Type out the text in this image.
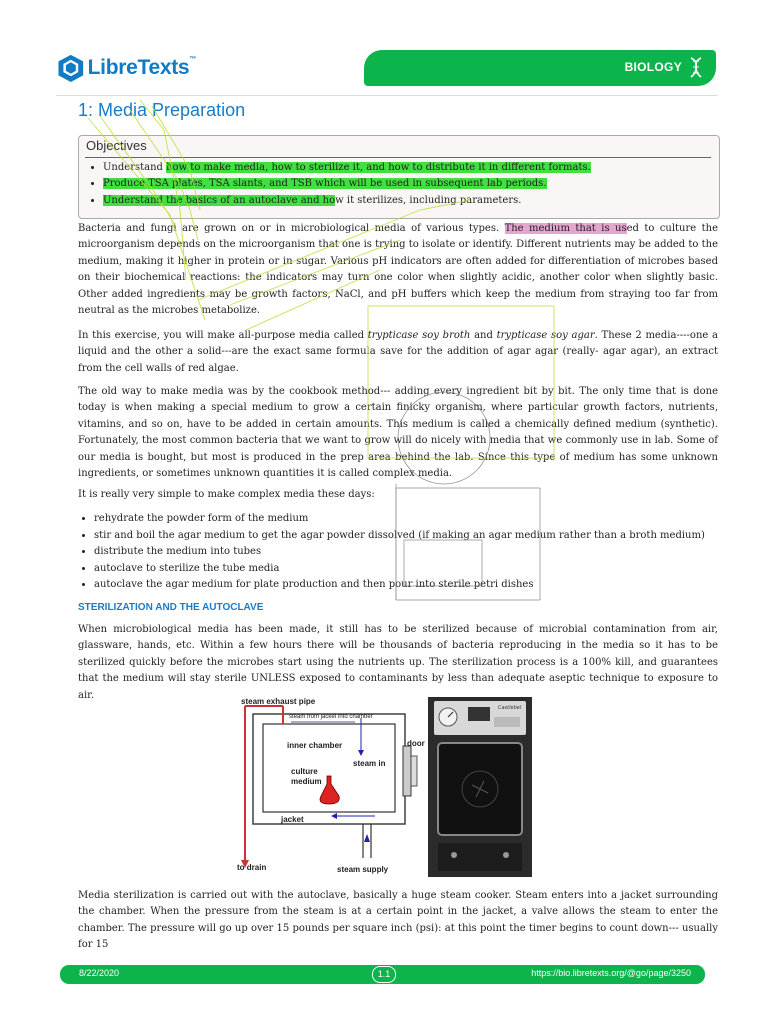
LibreTexts™
BIOLOGY
1: Media Preparation
Objectives
• Understand how to make media, how to sterilize it, and how to distribute it in different formats.
• Produce TSA plates, TSA slants, and TSB which will be used in subsequent lab periods.
• Understand the basics of an autoclave and how it sterilizes, including parameters.

Bacteria and fungi are grown on or in microbiological media of various types. The medium that is used to culture the microorganism depends on the microorganism that one is trying to isolate or identify. Different nutrients may be added to the medium, making it higher in protein or in sugar. Various pH indicators are often added for differentiation of microbes based on their biochemical reactions: the indicators may turn one color when slightly acidic, another color when slightly basic. Other added ingredients may be growth factors, NaCl, and pH buffers which keep the medium from straying too far from neutral as the microbes metabolize.

In this exercise, you will make all-purpose media called trypticase soy broth and trypticase soy agar. These 2 media----one a liquid and the other a solid---are the exact same formula save for the addition of agar agar (really- agar agar), an extract from the cell walls of red algae.

The old way to make media was by the cookbook method--- adding every ingredient bit by bit. The only time that is done today is when making a special medium to grow a certain finicky organism, where particular growth factors, nutrients, vitamins, and so on, have to be added in certain amounts. This medium is called a chemically defined medium (synthetic). Fortunately, the most common bacteria that we want to grow will do nicely with media that we commonly use in lab. Some of our media is bought, but most is produced in the prep area behind the lab. Since this type of medium has some unknown ingredients, or sometimes unknown quantities it is called complex media.

It is really very simple to make complex media these days:

• rehydrate the powder form of the medium
• stir and boil the agar medium to get the agar powder dissolved (if making an agar medium rather than a broth medium)
• distribute the medium into tubes
• autoclave to sterilize the tube media
• autoclave the agar medium for plate production and then pour into sterile petri dishes
STERILIZATION AND THE AUTOCLAVE

When microbiological media has been made, it still has to be sterilized because of microbial contamination from air, glassware, hands, etc. Within a few hours there will be thousands of bacteria reproducing in the media so it has to be sterilized quickly before the microbes start using the nutrients up. The sterilization process is a 100% kill, and guarantees that the medium will stay sterile UNLESS exposed to contaminants by less than adequate aseptic technique to exposure to air.

steam exhaust pipe
steam from jacket into chamber
inner chamber	door
steam in
culture
medium
jacket
to drain	steam supply
Castlebel

Media sterilization is carried out with the autoclave, basically a huge steam cooker. Steam enters into a jacket surrounding the chamber. When the pressure from the steam is at a certain point in the jacket, a valve allows the steam to enter the chamber. The pressure will go up over 15 pounds per square inch (psi): at this point the timer begins to count down--- usually for 15

8/22/2020	1.1	https://bio.libretexts.org/@go/page/3250
